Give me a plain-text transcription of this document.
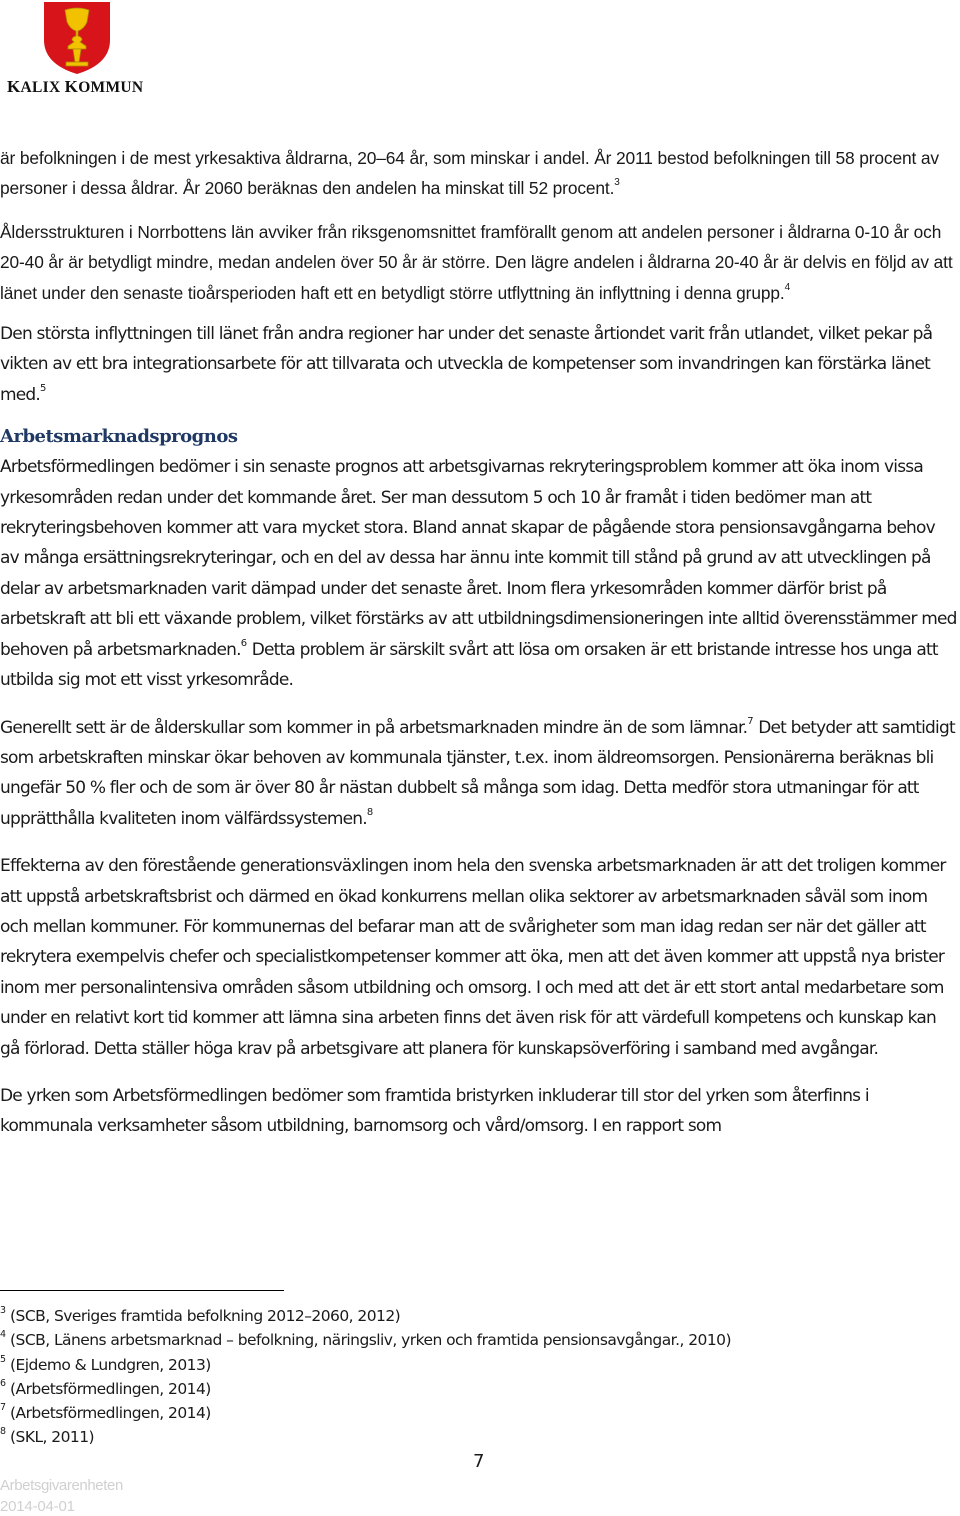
KALIX KOMMUN

är befolkningen i de mest yrkesaktiva åldrarna, 20–64 år, som minskar i andel. År 2011 bestod befolkningen till 58 procent av personer i dessa åldrar. År 2060 beräknas den andelen ha minskat till 52 procent.$^3$

Åldersstrukturen i Norrbottens län avviker från riksgenomsnittet framförallt genom att andelen personer i åldrarna 0-10 år och 20-40 år är betydligt mindre, medan andelen över 50 år är större. Den lägre andelen i åldrarna 20-40 år är delvis en följd av att länet under den senaste tioårsperioden haft ett en betydligt större utflyttning än inflyttning i denna grupp.$^4$

Den största inflyttningen till länet från andra regioner har under det senaste årtiondet varit från utlandet, vilket pekar på vikten av ett bra integrationsarbete för att tillvarata och utveckla de kompetenser som invandringen kan förstärka länet med.$^5$

Arbetsmarknadsprognos

Arbetsförmedlingen bedömer i sin senaste prognos att arbetsgivarnas rekryteringsproblem kommer att öka inom vissa yrkesområden redan under det kommande året. Ser man dessutom 5 och 10 år framåt i tiden bedömer man att rekryteringsbehoven kommer att vara mycket stora. Bland annat skapar de pågående stora pensionsavgångarna behov av många ersättningsrekryteringar, och en del av dessa har ännu inte kommit till stånd på grund av att utvecklingen på delar av arbetsmarknaden varit dämpad under det senaste året. Inom flera yrkesområden kommer därför brist på arbetskraft att bli ett växande problem, vilket förstärks av att utbildningsdimensioneringen inte alltid överensstämmer med behoven på arbetsmarknaden.$^6$ Detta problem är särskilt svårt att lösa om orsaken är ett bristande intresse hos unga att utbilda sig mot ett visst yrkesområde.

Generellt sett är de ålderskullar som kommer in på arbetsmarknaden mindre än de som lämnar.$^7$ Det betyder att samtidigt som arbetskraften minskar ökar behoven av kommunala tjänster, t.ex. inom äldreomsorgen. Pensionärerna beräknas bli ungefär 50 % fler och de som är över 80 år nästan dubbelt så många som idag. Detta medför stora utmaningar för att upprätthålla kvaliteten inom välfärdssystemen.$^8$

Effekterna av den förestående generationsväxlingen inom hela den svenska arbetsmarknaden är att det troligen kommer att uppstå arbetskraftsbrist och därmed en ökad konkurrens mellan olika sektorer av arbetsmarknaden såväl som inom och mellan kommuner. För kommunernas del befarar man att de svårigheter som man idag redan ser när det gäller att rekrytera exempelvis chefer och specialistkompetenser kommer att öka, men att det även kommer att uppstå nya brister inom mer personalintensiva områden såsom utbildning och omsorg. I och med att det är ett stort antal medarbetare som under en relativt kort tid kommer att lämna sina arbeten finns det även risk för att värdefull kompetens och kunskap kan gå förlorad. Detta ställer höga krav på arbetsgivare att planera för kunskapsöverföring i samband med avgångar.

De yrken som Arbetsförmedlingen bedömer som framtida bristyrken inkluderar till stor del yrken som återfinns i kommunala verksamheter såsom utbildning, barnomsorg och vård/omsorg. I en rapport som

$^3$ (SCB, Sveriges framtida befolkning 2012–2060, 2012)
$^4$ (SCB, Länens arbetsmarknad – befolkning, näringsliv, yrken och framtida pensionsavgångar., 2010)
$^5$ (Ejdemo & Lundgren, 2013)
$^6$ (Arbetsförmedlingen, 2014)
$^7$ (Arbetsförmedlingen, 2014)
$^8$ (SKL, 2011)
7
Arbetsgivarenheten
2014-04-01
